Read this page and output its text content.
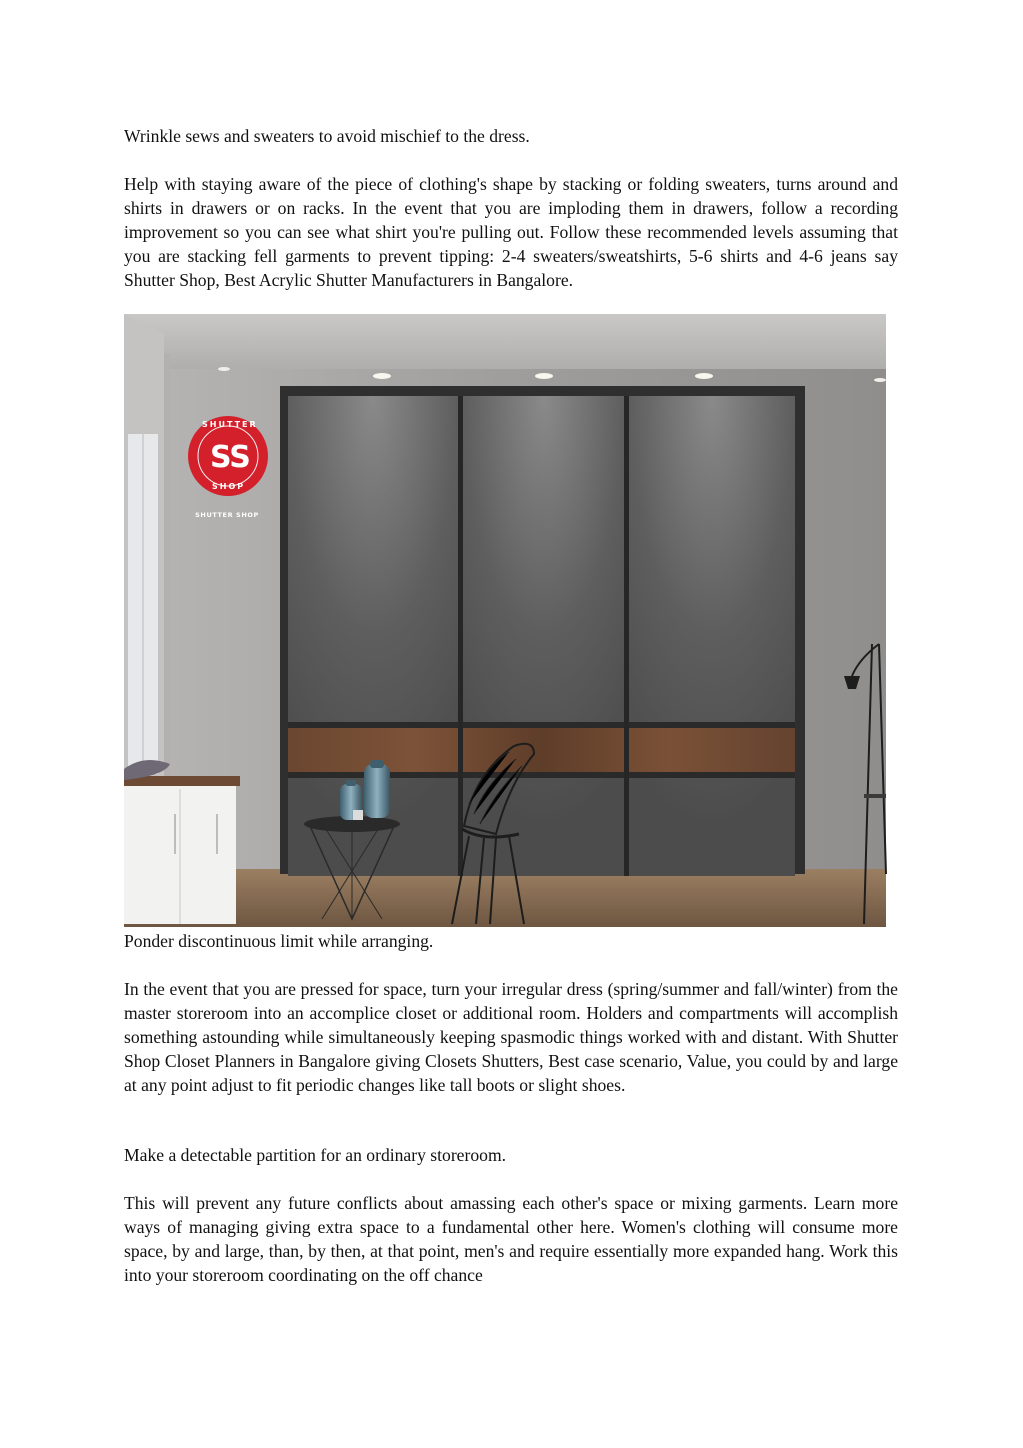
Wrinkle sews and sweaters to avoid mischief to the dress.

Help with staying aware of the piece of clothing's shape by stacking or folding sweaters, turns around and shirts in drawers or on racks. In the event that you are imploding them in drawers, follow a recording improvement so you can see what shirt you're pulling out. Follow these recommended levels assuming that you are stacking fell garments to prevent tipping: 2-4 sweaters/sweatshirts, 5-6 shirts and 4-6 jeans say Shutter Shop, Best Acrylic Shutter Manufacturers in Bangalore.

SS
SHUTTER
SHOP
SHUTTER SHOP
OP SHUTTER SHOP SHUTTER SHOP SHUTTER SHOP SHUTTER SHOP

Ponder discontinuous limit while arranging.

In the event that you are pressed for space, turn your irregular dress (spring/summer and fall/winter) from the master storeroom into an accomplice closet or additional room. Holders and compartments will accomplish something astounding while simultaneously keeping spasmodic things worked with and distant. With Shutter Shop Closet Planners in Bangalore giving Closets Shutters, Best case scenario, Value, you could by and large at any point adjust to fit periodic changes like tall boots or slight shoes.

Make a detectable partition for an ordinary storeroom.

This will prevent any future conflicts about amassing each other's space or mixing garments. Learn more ways of managing giving extra space to a fundamental other here. Women's clothing will consume more space, by and large, than, by then, at that point, men's and require essentially more expanded hang. Work this into your storeroom coordinating on the off chance
